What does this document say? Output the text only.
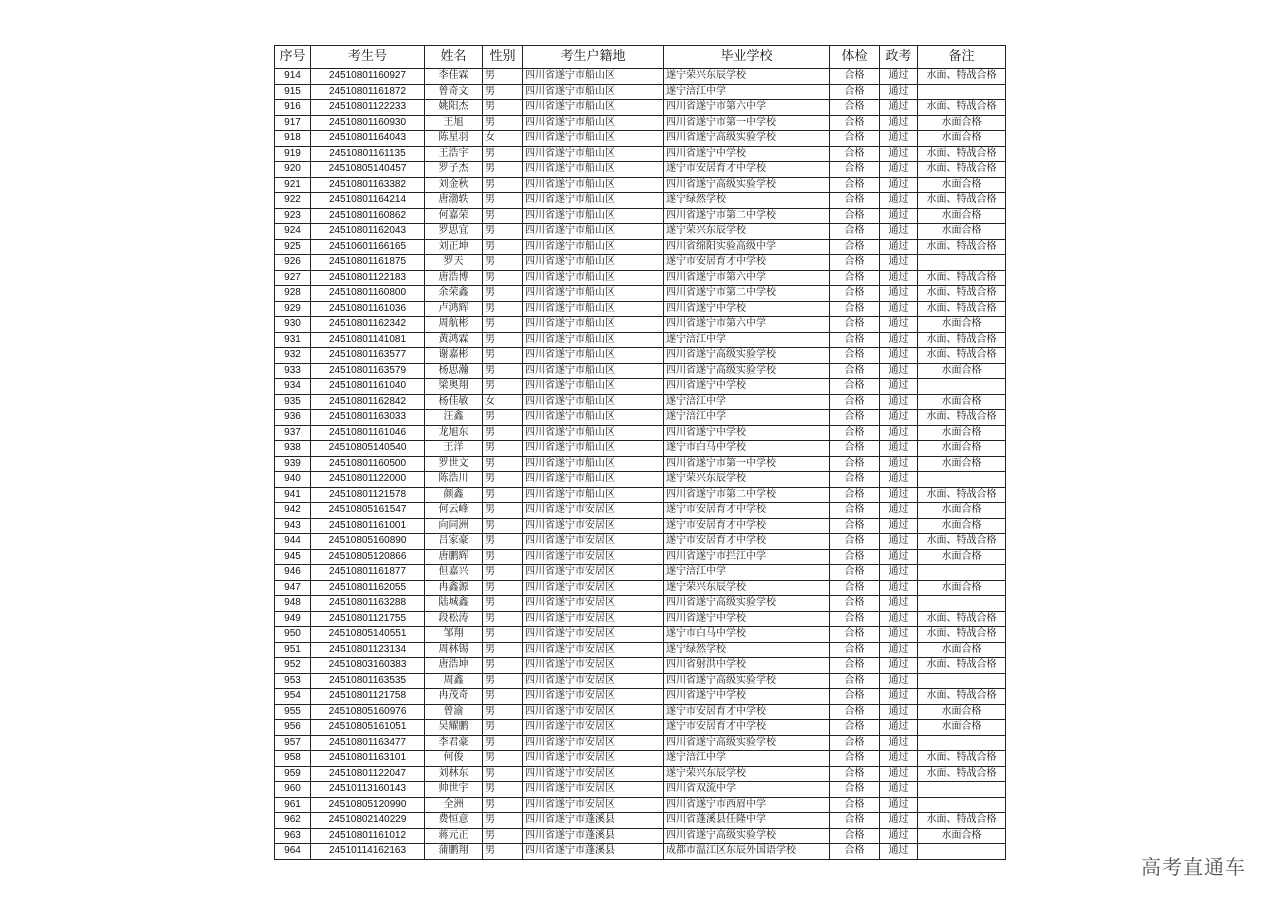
序号	考生号	姓名	性别	考生户籍地	毕业学校	体检	政考	备注
914	24510801160927	李佳霖	男	四川省遂宁市船山区	遂宁荣兴东辰学校	合格	通过	水面、特战合格
915	24510801161872	曾奇文	男	四川省遂宁市船山区	遂宁涪江中学	合格	通过	
916	24510801122233	姚阳杰	男	四川省遂宁市船山区	四川省遂宁市第六中学	合格	通过	水面、特战合格
917	24510801160930	王旭	男	四川省遂宁市船山区	四川省遂宁市第一中学校	合格	通过	水面合格
918	24510801164043	陈星羽	女	四川省遂宁市船山区	四川省遂宁高级实验学校	合格	通过	水面合格
919	24510801161135	王浩宇	男	四川省遂宁市船山区	四川省遂宁中学校	合格	通过	水面、特战合格
920	24510805140457	罗子杰	男	四川省遂宁市船山区	遂宁市安居育才中学校	合格	通过	水面、特战合格
921	24510801163382	刘金秋	男	四川省遂宁市船山区	四川省遂宁高级实验学校	合格	通过	水面合格
922	24510801164214	唐渤轶	男	四川省遂宁市船山区	遂宁绿然学校	合格	通过	水面、特战合格
923	24510801160862	何嘉荣	男	四川省遂宁市船山区	四川省遂宁市第二中学校	合格	通过	水面合格
924	24510801162043	罗思宜	男	四川省遂宁市船山区	遂宁荣兴东辰学校	合格	通过	水面合格
925	24510601166165	刘正坤	男	四川省遂宁市船山区	四川省绵阳实验高级中学	合格	通过	水面、特战合格
926	24510801161875	罗天	男	四川省遂宁市船山区	遂宁市安居育才中学校	合格	通过	
927	24510801122183	唐浩博	男	四川省遂宁市船山区	四川省遂宁市第六中学	合格	通过	水面、特战合格
928	24510801160800	余荣鑫	男	四川省遂宁市船山区	四川省遂宁市第二中学校	合格	通过	水面、特战合格
929	24510801161036	卢鸿辉	男	四川省遂宁市船山区	四川省遂宁中学校	合格	通过	水面、特战合格
930	24510801162342	周航彬	男	四川省遂宁市船山区	四川省遂宁市第六中学	合格	通过	水面合格
931	24510801141081	黄鸿霖	男	四川省遂宁市船山区	遂宁涪江中学	合格	通过	水面、特战合格
932	24510801163577	谢嘉彬	男	四川省遂宁市船山区	四川省遂宁高级实验学校	合格	通过	水面、特战合格
933	24510801163579	杨思瀚	男	四川省遂宁市船山区	四川省遂宁高级实验学校	合格	通过	水面合格
934	24510801161040	梁奥翔	男	四川省遂宁市船山区	四川省遂宁中学校	合格	通过	
935	24510801162842	杨佳敏	女	四川省遂宁市船山区	遂宁涪江中学	合格	通过	水面合格
936	24510801163033	汪鑫	男	四川省遂宁市船山区	遂宁涪江中学	合格	通过	水面、特战合格
937	24510801161046	龙旭东	男	四川省遂宁市船山区	四川省遂宁中学校	合格	通过	水面合格
938	24510805140540	王洋	男	四川省遂宁市船山区	遂宁市白马中学校	合格	通过	水面合格
939	24510801160500	罗世文	男	四川省遂宁市船山区	四川省遂宁市第一中学校	合格	通过	水面合格
940	24510801122000	陈浩川	男	四川省遂宁市船山区	遂宁荣兴东辰学校	合格	通过	
941	24510801121578	颜鑫	男	四川省遂宁市船山区	四川省遂宁市第二中学校	合格	通过	水面、特战合格
942	24510805161547	何云峰	男	四川省遂宁市安居区	遂宁市安居育才中学校	合格	通过	水面合格
943	24510801161001	向同洲	男	四川省遂宁市安居区	遂宁市安居育才中学校	合格	通过	水面合格
944	24510805160890	吕家豪	男	四川省遂宁市安居区	遂宁市安居育才中学校	合格	通过	水面、特战合格
945	24510805120866	唐鹏辉	男	四川省遂宁市安居区	四川省遂宁市拦江中学	合格	通过	水面合格
946	24510801161877	但嘉兴	男	四川省遂宁市安居区	遂宁涪江中学	合格	通过	
947	24510801162055	冉鑫源	男	四川省遂宁市安居区	遂宁荣兴东辰学校	合格	通过	水面合格
948	24510801163288	陆城鑫	男	四川省遂宁市安居区	四川省遂宁高级实验学校	合格	通过	
949	24510801121755	段松涛	男	四川省遂宁市安居区	四川省遂宁中学校	合格	通过	水面、特战合格
950	24510805140551	邹翔	男	四川省遂宁市安居区	遂宁市白马中学校	合格	通过	水面、特战合格
951	24510801123134	周林锡	男	四川省遂宁市安居区	遂宁绿然学校	合格	通过	水面合格
952	24510803160383	唐浩坤	男	四川省遂宁市安居区	四川省射洪中学校	合格	通过	水面、特战合格
953	24510801163535	周鑫	男	四川省遂宁市安居区	四川省遂宁高级实验学校	合格	通过	
954	24510801121758	冉茂奇	男	四川省遂宁市安居区	四川省遂宁中学校	合格	通过	水面、特战合格
955	24510805160976	曾渝	男	四川省遂宁市安居区	遂宁市安居育才中学校	合格	通过	水面合格
956	24510805161051	吴耀鹏	男	四川省遂宁市安居区	遂宁市安居育才中学校	合格	通过	水面合格
957	24510801163477	李君豪	男	四川省遂宁市安居区	四川省遂宁高级实验学校	合格	通过	
958	24510801163101	何俊	男	四川省遂宁市安居区	遂宁涪江中学	合格	通过	水面、特战合格
959	24510801122047	刘林东	男	四川省遂宁市安居区	遂宁荣兴东辰学校	合格	通过	水面、特战合格
960	24510113160143	帅世宇	男	四川省遂宁市安居区	四川省双流中学	合格	通过	
961	24510805120990	全洲	男	四川省遂宁市安居区	四川省遂宁市西眉中学	合格	通过	
962	24510802140229	费恒意	男	四川省遂宁市蓬溪县	四川省蓬溪县任隆中学	合格	通过	水面、特战合格
963	24510801161012	蒋元正	男	四川省遂宁市蓬溪县	四川省遂宁高级实验学校	合格	通过	水面合格
964	24510114162163	蒲鹏翔	男	四川省遂宁市蓬溪县	成都市温江区东辰外国语学校	合格	通过	
高考直通车
